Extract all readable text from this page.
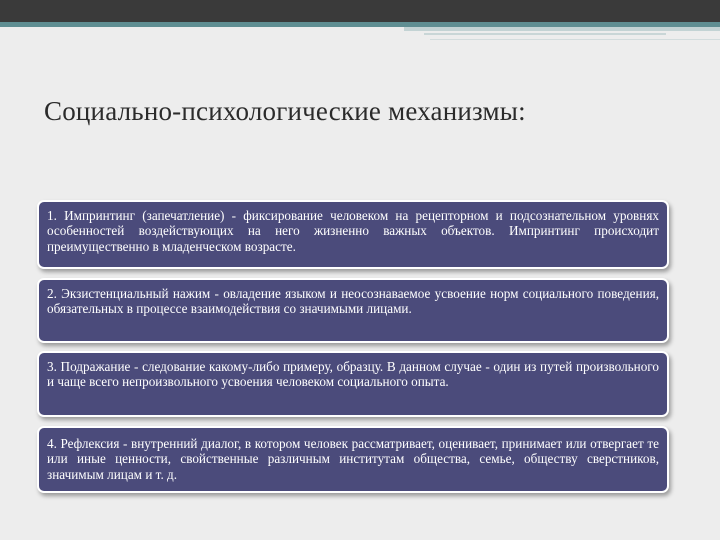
Социально-психологические механизмы:

1. Импринтинг (запечатление) - фиксирование человеком на рецепторном и подсознательном уровнях особенностей воздействующих на него жизненно важных объектов. Импринтинг происходит преимущественно в младенческом возрасте.

2. Экзистенциальный нажим - овладение языком и неосознаваемое усвоение норм социального поведения, обязательных в процессе взаимодействия со значимыми лицами.

3. Подражание - следование какому-либо примеру, образцу. В данном случае - один из путей произвольного и чаще всего непроизвольного усвоения человеком социального опыта.

4. Рефлексия - внутренний диалог, в котором человек рассматривает, оценивает, принимает или отвергает те или иные ценности, свойственные различным институтам общества, семье, обществу сверстников, значимым лицам и т. д.
